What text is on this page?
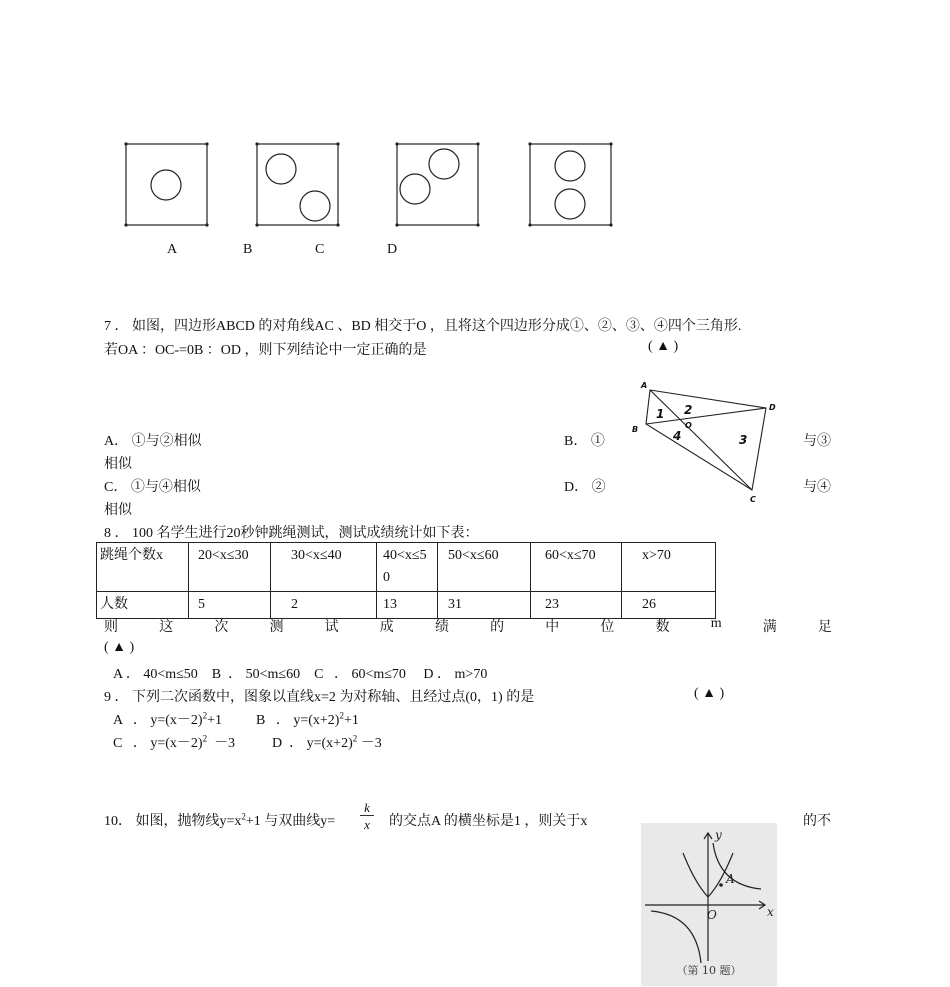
A	B	C	D
7 ． 如图，四边形ABCD 的对角线AC 、BD 相交于O ，且将这个四边形分成①、②、③、④四个三角形.
若OA ：OC-=0B ：OD ，则下列结论中一定正确的是	( ▲ )
A
B
C
D
O
1 2
3
4
A． ①与②相似	B． ①	与③
相似
C． ①与④相似	D． ②	与④
相似
8 ． 100 名学生进行20秒钟跳绳测试，测试成绩统计如下表：
跳绳个数x	20<x≤30	30<x≤40	40<x≤5
0	50<x≤60	60<x≤70	x>70
人数	5	2	13	31	23	26
则	这	次	测	试	成	绩	的	中	位	数	m	满	足
( ▲ )
A ． 40<m≤50    B  ． 50<m≤60    C   ． 60<m≤70     D ． m>70
9 ． 下列二次函数中，图象以直线x=2 为对称轴、且经过点(0，1) 的是	( ▲ )
A   ． $y=(x-2)^2+1$ B   ． $y=(x+2)^2+1$
C   ． $y=(x-2)^2 -3$	D  ． $y=(x+2)^2 -3$
10． 如图，抛物线$y=x^2+1$ 与双曲线y=
k
x 的交点A 的横坐标是1 ，则关于x	的不
x
y
O
A
（第 10 题）
